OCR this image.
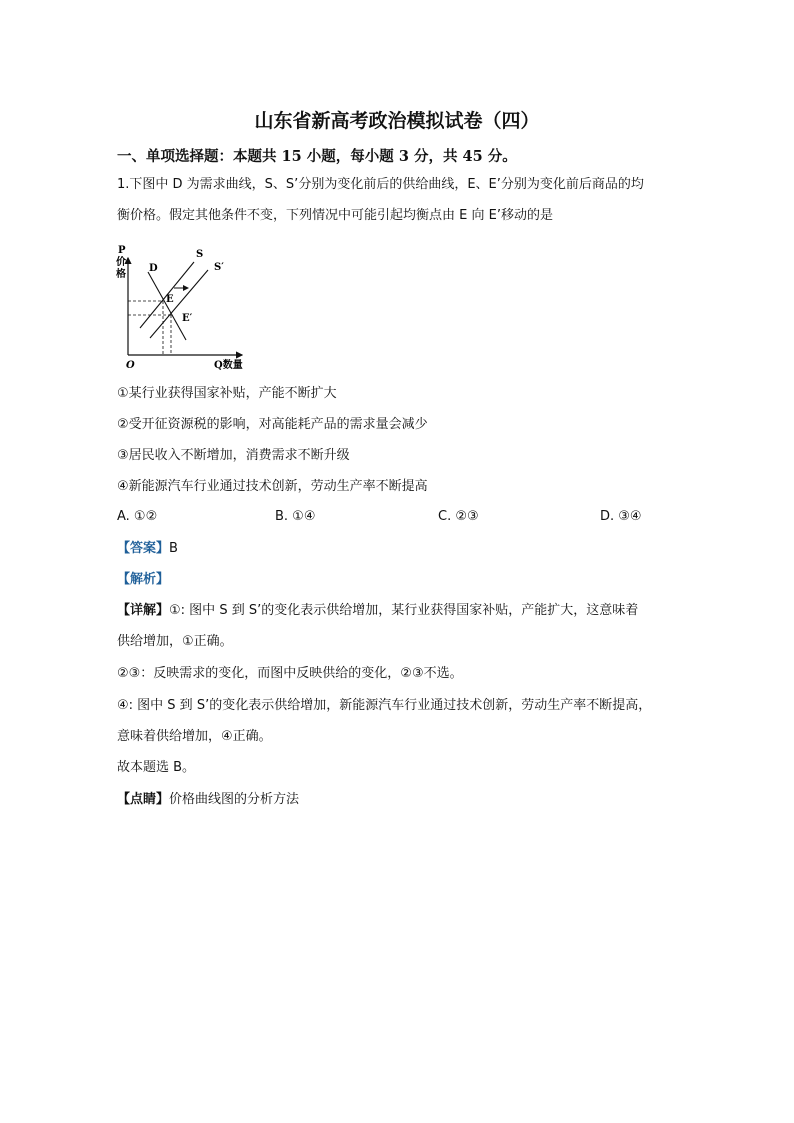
山东省新高考政治模拟试卷（四）
一、单项选择题：本题共 15 小题，每小题 3 分，共 45 分。
1.下图中 D 为需求曲线，S、S’分别为变化前后的供给曲线，E、E’分别为变化前后商品的均
衡价格。假定其他条件不变，下列情况中可能引起均衡点由 E 向 E’移动的是
P
价
格
Q数量
O
D
S
S′
E
E′
①某行业获得国家补贴，产能不断扩大
②受开征资源税的影响，对高能耗产品的需求量会减少
③居民收入不断增加，消费需求不断升级
④新能源汽车行业通过技术创新，劳动生产率不断提高
A. ①②	B. ①④	C. ②③	D. ③④
【答案】B
【解析】
【详解】①: 图中 S 到 S’的变化表示供给增加，某行业获得国家补贴，产能扩大，这意味着
供给增加，①正确。
②③：反映需求的变化，而图中反映供给的变化，②③不选。
④: 图中 S 到 S’的变化表示供给增加，新能源汽车行业通过技术创新，劳动生产率不断提高，
意味着供给增加，④正确。
故本题选 B。
【点睛】价格曲线图的分析方法
